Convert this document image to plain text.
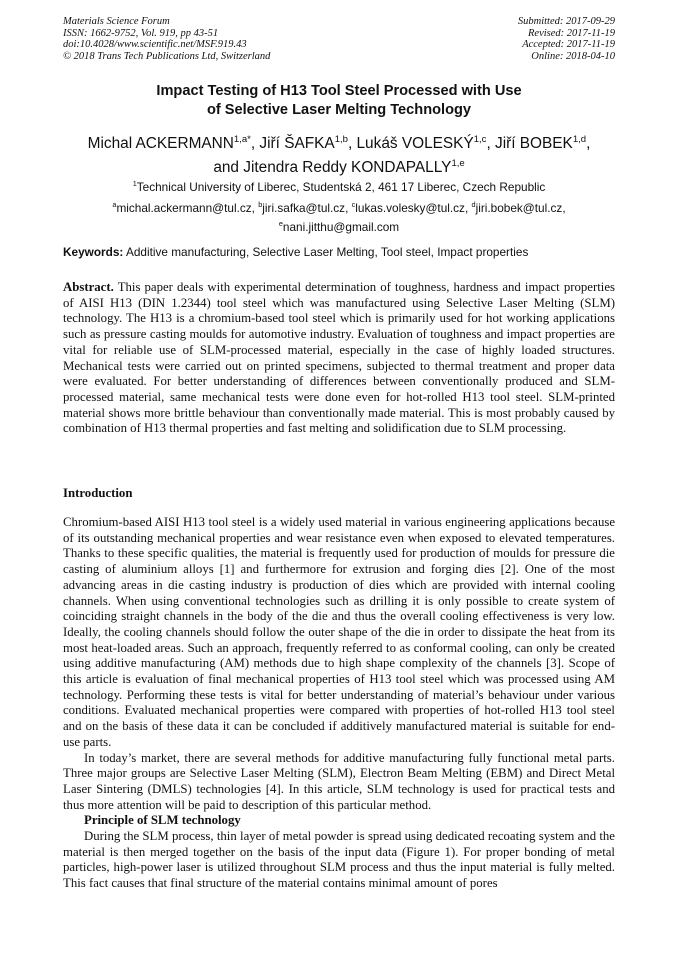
Materials Science Forum
ISSN: 1662-9752, Vol. 919, pp 43-51
doi:10.4028/www.scientific.net/MSF.919.43
© 2018 Trans Tech Publications Ltd, Switzerland
Submitted: 2017-09-29
Revised: 2017-11-19
Accepted: 2017-11-19
Online: 2018-04-10
Impact Testing of H13 Tool Steel Processed with Use
of Selective Laser Melting Technology
Michal $ACKERMANN^{1,a*}$, Jiří ŠAFKA$^{1,b}$, Lukáš VOLESKÝ$^{1,c}$, Jiří BOBEK$^{1,d}$,
and Jitendra Reddy KONDAPALLY$^{1,e}$
$^1$Technical University of Liberec, Studentská 2, 461 17 Liberec, Czech Republic
$^a$michal.ackermann@tul.cz, $^b$jiri.safka@tul.cz, $^c$lukas.volesky@tul.cz, $^d$jiri.bobek@tul.cz,
$^e$nani.jitthu@gmail.com
Keywords: Additive manufacturing, Selective Laser Melting, Tool steel, Impact properties
Abstract. This paper deals with experimental determination of toughness, hardness and impact properties of AISI H13 (DIN 1.2344) tool steel which was manufactured using Selective Laser Melting (SLM) technology. The H13 is a chromium-based tool steel which is primarily used for hot working applications such as pressure casting moulds for automotive industry. Evaluation of toughness and impact properties are vital for reliable use of SLM-processed material, especially in the case of highly loaded structures. Mechanical tests were carried out on printed specimens, subjected to thermal treatment and proper data were evaluated. For better understanding of differences between conventionally produced and SLM-processed material, same mechanical tests were done even for hot-rolled H13 tool steel. SLM-printed material shows more brittle behaviour than conventionally made material. This is most probably caused by combination of H13 thermal properties and fast melting and solidification due to SLM processing.
Introduction

Chromium-based AISI H13 tool steel is a widely used material in various engineering applications because of its outstanding mechanical properties and wear resistance even when exposed to elevated temperatures. Thanks to these specific qualities, the material is frequently used for production of moulds for pressure die casting of aluminium alloys [1] and furthermore for extrusion and forging dies [2]. One of the most advancing areas in die casting industry is production of dies which are provided with internal cooling channels. When using conventional technologies such as drilling it is only possible to create system of coinciding straight channels in the body of the die and thus the overall cooling effectiveness is very low. Ideally, the cooling channels should follow the outer shape of the die in order to dissipate the heat from its most heat-loaded areas. Such an approach, frequently referred to as conformal cooling, can only be created using additive manufacturing (AM) methods due to high shape complexity of the channels [3]. Scope of this article is evaluation of final mechanical properties of H13 tool steel which was processed using AM technology. Performing these tests is vital for better understanding of material’s behaviour under various conditions. Evaluated mechanical properties were compared with properties of hot-rolled H13 tool steel and on the basis of these data it can be concluded if additively manufactured material is suitable for end-use parts.

In today’s market, there are several methods for additive manufacturing fully functional metal parts. Three major groups are Selective Laser Melting (SLM), Electron Beam Melting (EBM) and Direct Metal Laser Sintering (DMLS) technologies [4]. In this article, SLM technology is used for practical tests and thus more attention will be paid to description of this particular method.

Principle of SLM technology

During the SLM process, thin layer of metal powder is spread using dedicated recoating system and the material is then merged together on the basis of the input data (Figure 1). For proper bonding of metal particles, high-power laser is utilized throughout SLM process and thus the input material is fully melted. This fact causes that final structure of the material contains minimal amount of pores
